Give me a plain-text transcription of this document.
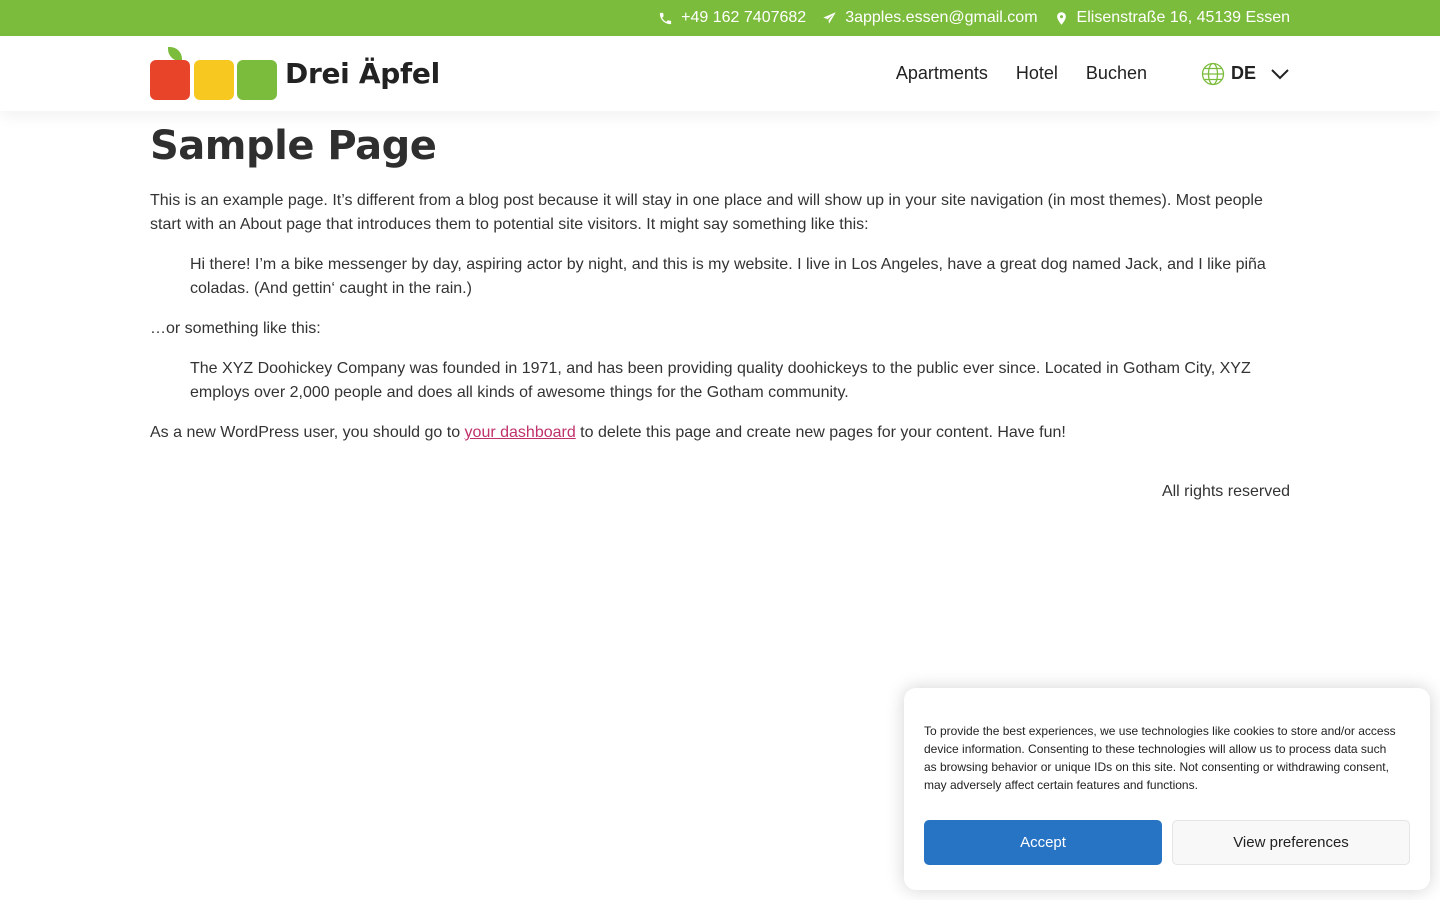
+49 162 7407682 3apples.essen@gmail.com Elisenstraße 16, 45139 Essen
Drei Äpfel	Apartments Hotel Buchen	DE
Sample Page

This is an example page. It’s different from a blog post because it will stay in one place and will show up in your site navigation (in most themes). Most people start with an About page that introduces them to potential site visitors. It might say something like this:

Hi there! I’m a bike messenger by day, aspiring actor by night, and this is my website. I live in Los Angeles, have a great dog named Jack, and I like piña coladas. (And gettin‘ caught in the rain.)

…or something like this:

The XYZ Doohickey Company was founded in 1971, and has been providing quality doohickeys to the public ever since. Located in Gotham City, XYZ employs over 2,000 people and does all kinds of awesome things for the Gotham community.

As a new WordPress user, you should go to your dashboard to delete this page and create new pages for your content. Have fun!

All rights reserved

To provide the best experiences, we use technologies like cookies to store and/or access device information. Consenting to these technologies will allow us to process data such as browsing behavior or unique IDs on this site. Not consenting or withdrawing consent, may adversely affect certain features and functions.

Accept	View preferences
